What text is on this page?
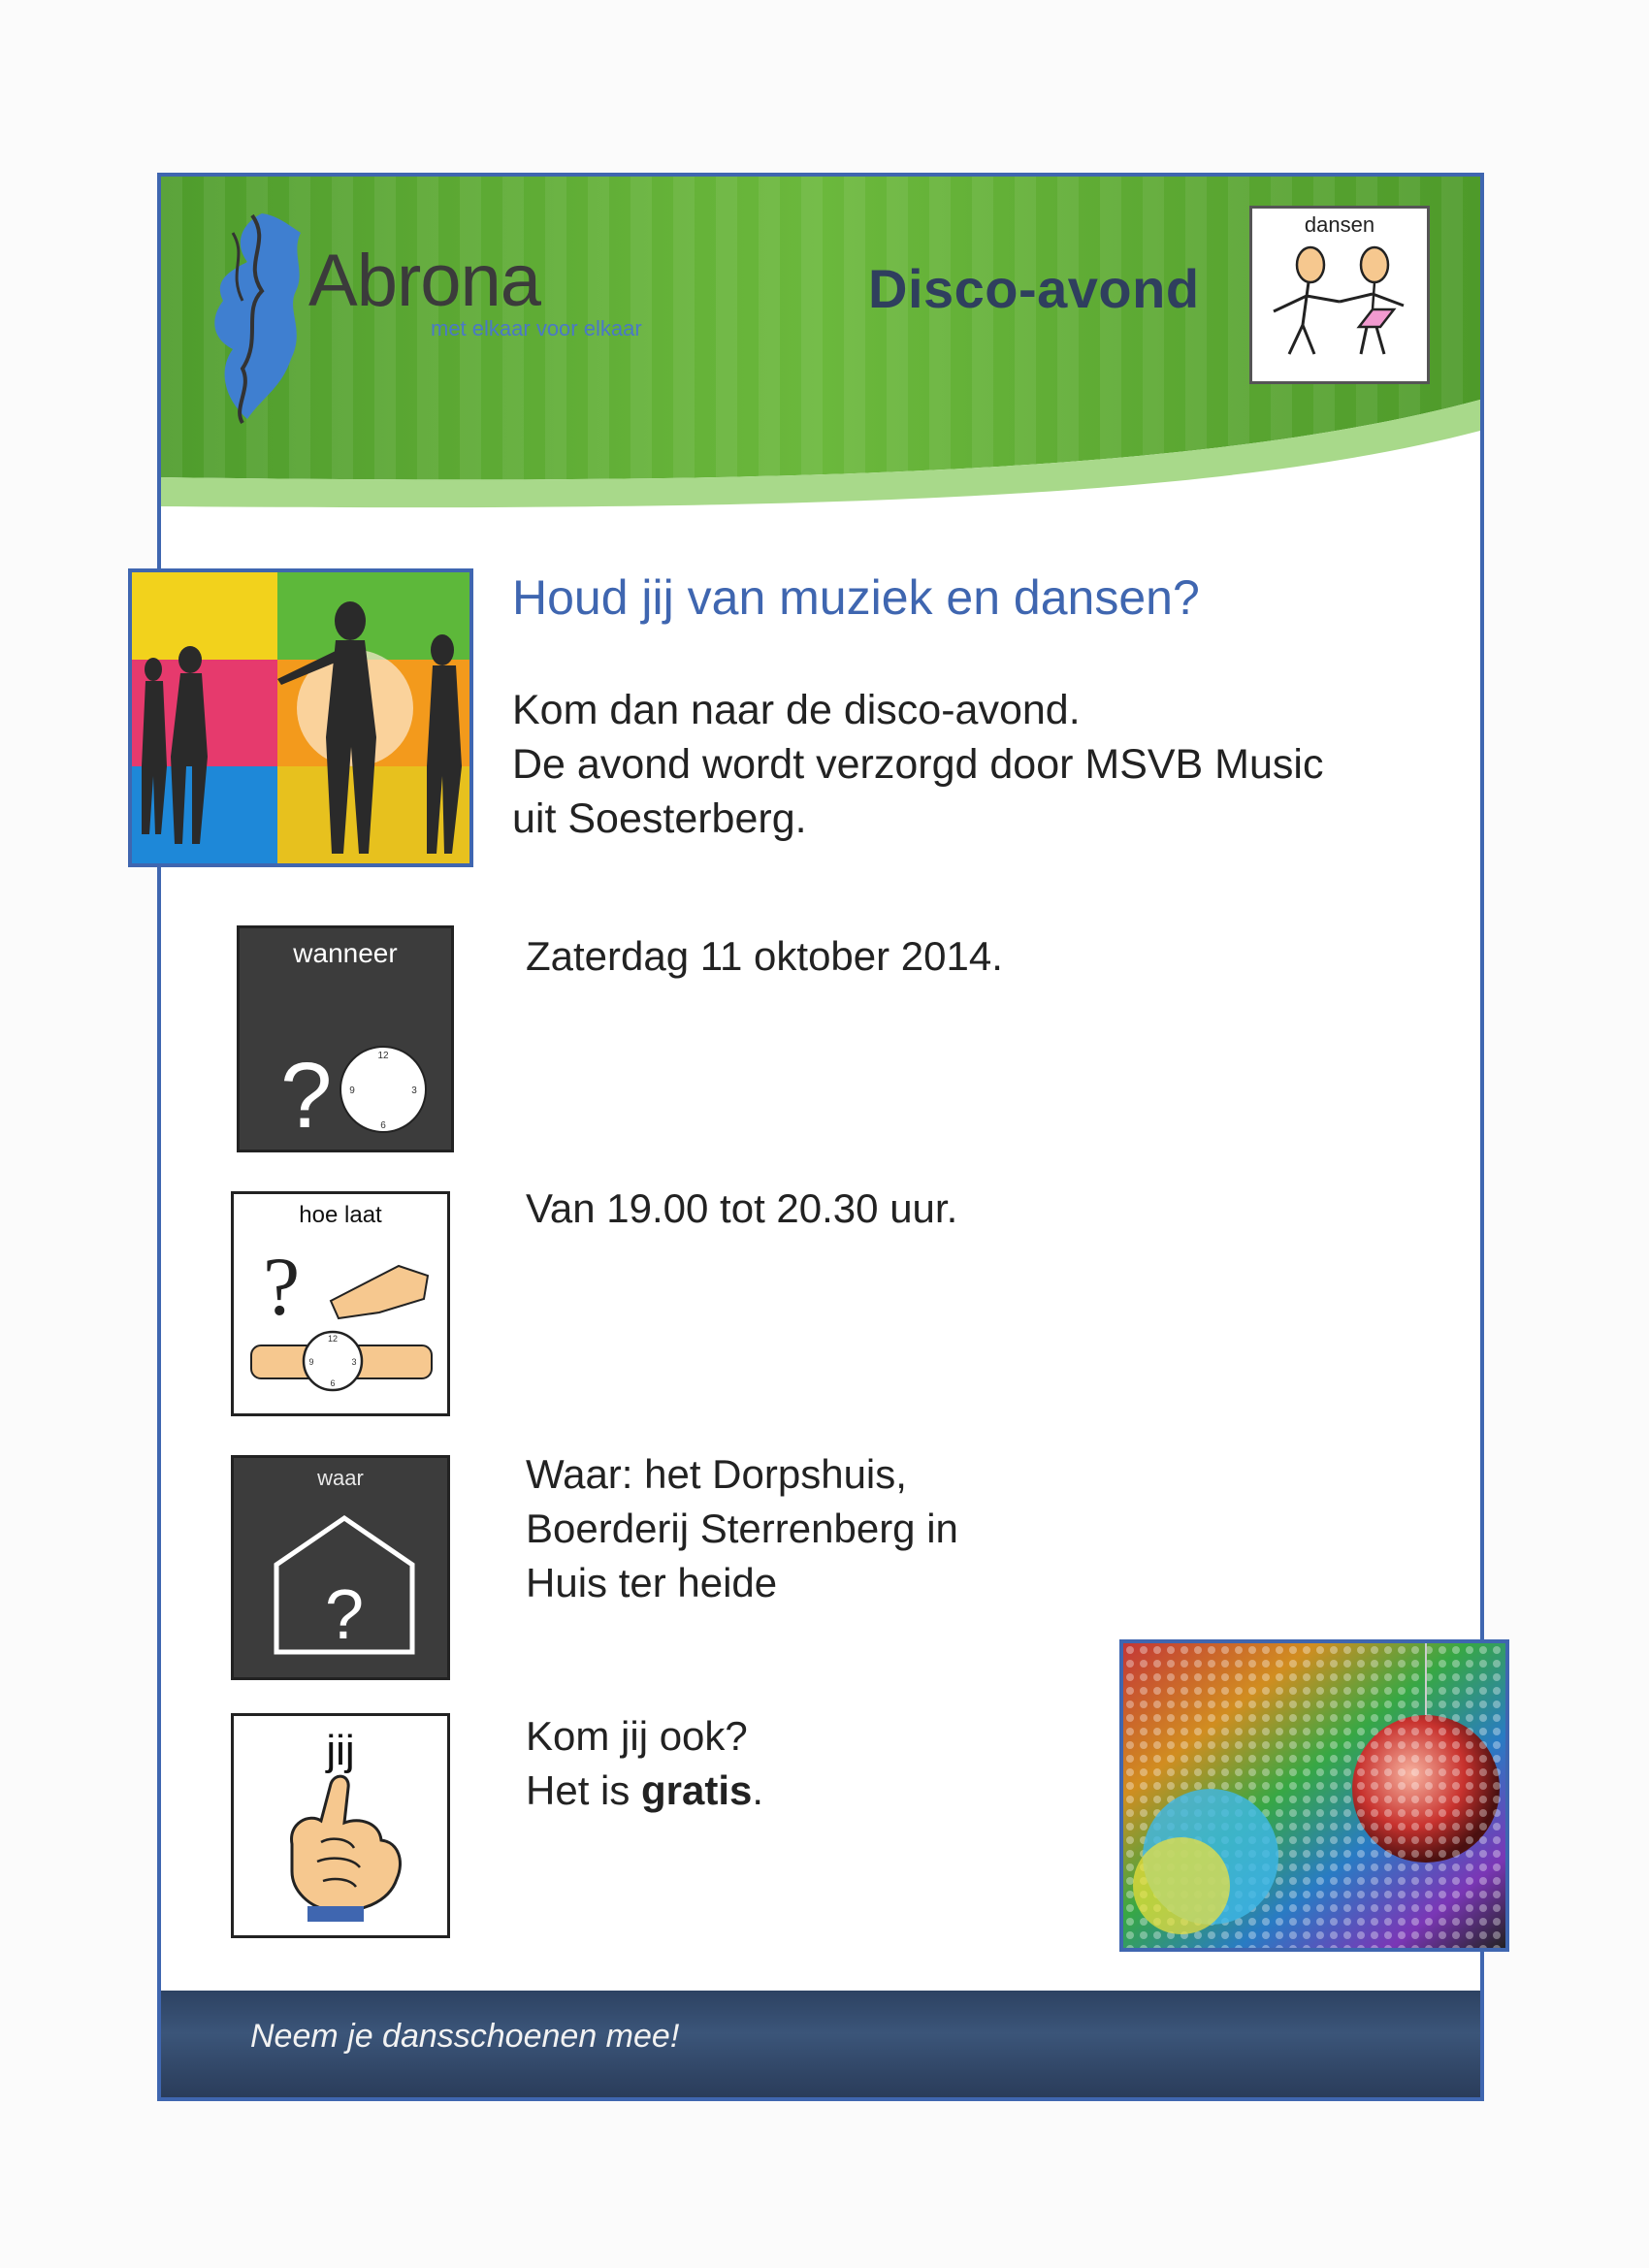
Abrona
met elkaar voor elkaar
Disco-avond
dansen
Houd jij van muziek en dansen?
Kom dan naar de disco-avond.
De avond wordt verzorgd door MSVB Music
uit Soesterberg.
wanneer
?	12
3
6
9
Zaterdag 11 oktober 2014.
hoe laat
?
12
3
6
9
Van 19.00 tot 20.30 uur.
waar
?
Waar: het Dorpshuis,
Boerderij Sterrenberg in
Huis ter heide
jij	Kom jij ook?
Het is gratis.
Neem je dansschoenen mee!
